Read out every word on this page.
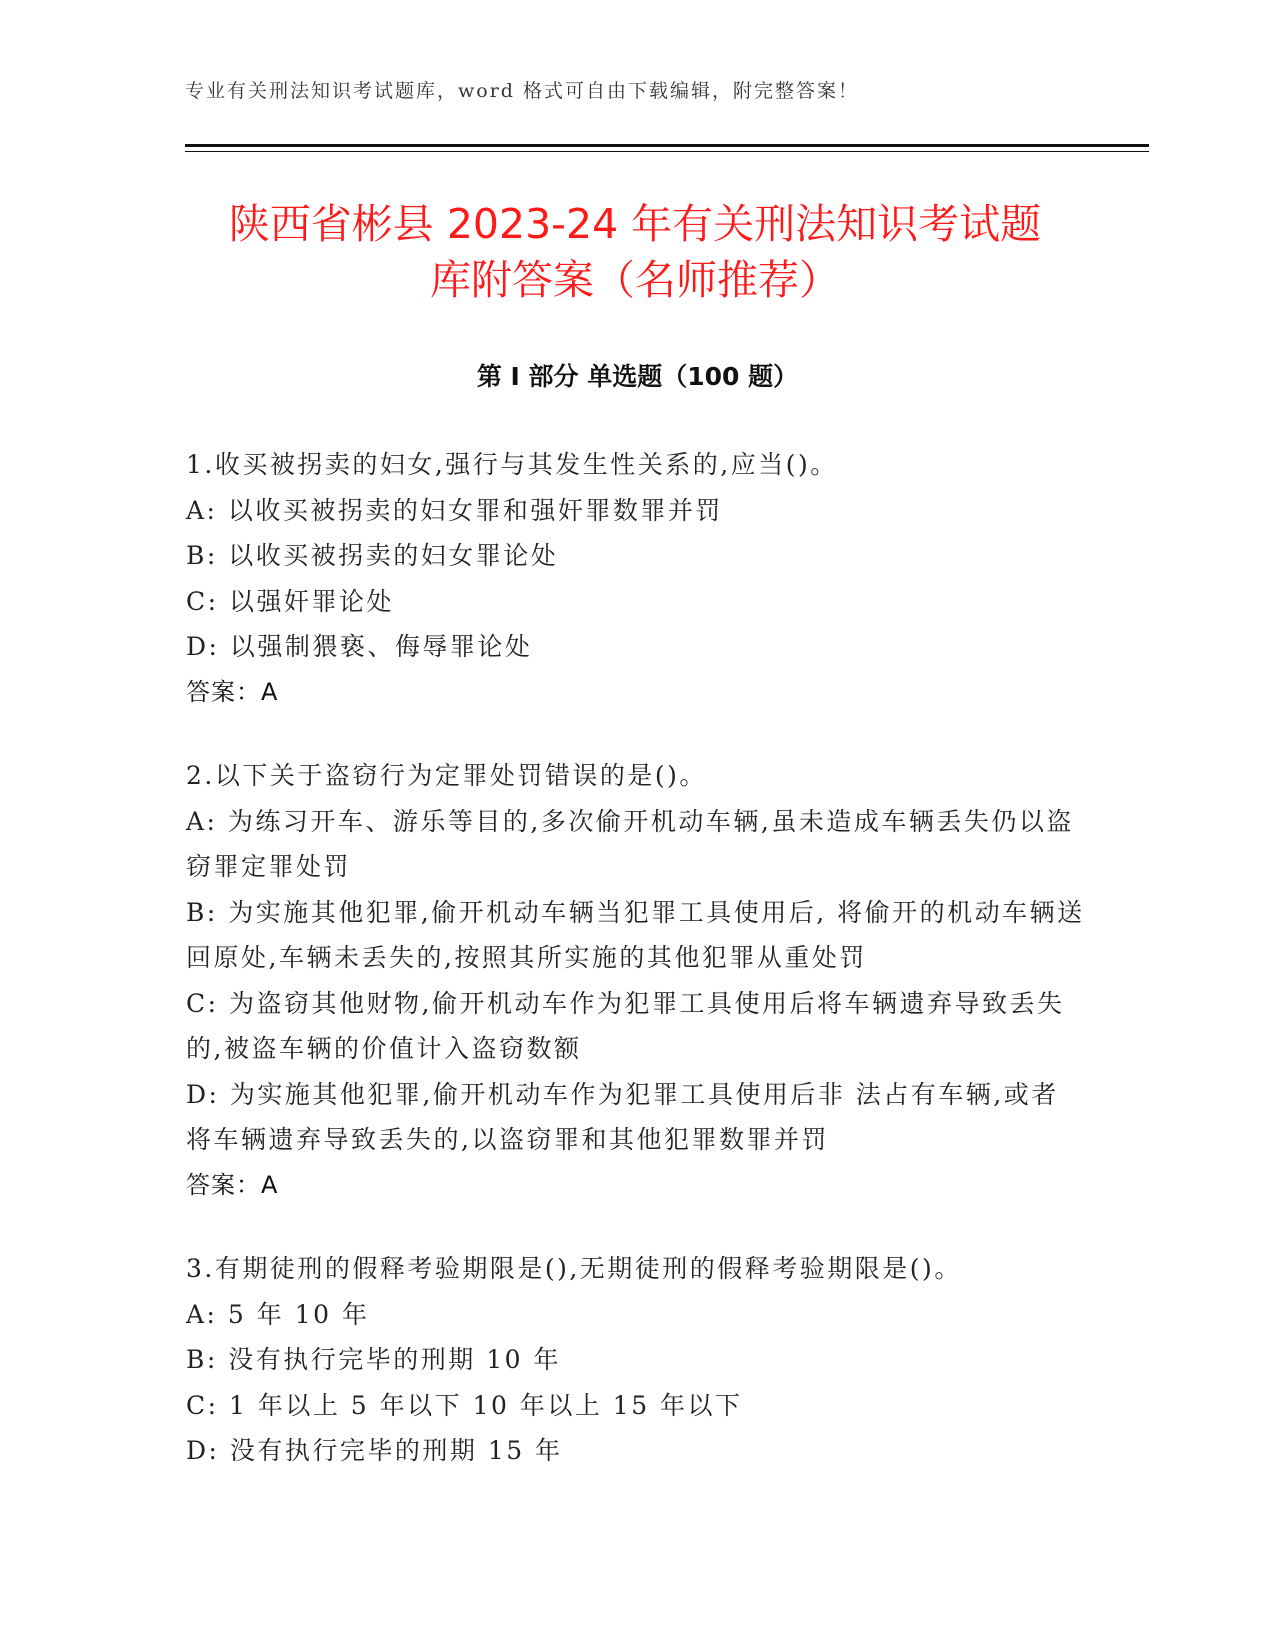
专业有关刑法知识考试题库，word 格式可自由下载编辑，附完整答案！
陕西省彬县 2023-24 年有关刑法知识考试题
库附答案（名师推荐）
第 I 部分 单选题（100 题）
1.收买被拐卖的妇女,强行与其发生性关系的,应当()。
A: 以收买被拐卖的妇女罪和强奸罪数罪并罚
B: 以收买被拐卖的妇女罪论处
C: 以强奸罪论处
D: 以强制猥亵、侮辱罪论处
答案：A
2.以下关于盗窃行为定罪处罚错误的是()。
A: 为练习开车、游乐等目的,多次偷开机动车辆,虽未造成车辆丢失仍以盗窃罪定罪处罚
B: 为实施其他犯罪,偷开机动车辆当犯罪工具使用后, 将偷开的机动车辆送回原处,车辆未丢失的,按照其所实施的其他犯罪从重处罚
C: 为盗窃其他财物,偷开机动车作为犯罪工具使用后将车辆遗弃导致丢失的,被盗车辆的价值计入盗窃数额
D: 为实施其他犯罪,偷开机动车作为犯罪工具使用后非 法占有车辆,或者将车辆遗弃导致丢失的,以盗窃罪和其他犯罪数罪并罚
答案：A
3.有期徒刑的假释考验期限是(),无期徒刑的假释考验期限是()。
A: 5 年 10 年
B: 没有执行完毕的刑期 10 年
C: 1 年以上 5 年以下 10 年以上 15 年以下
D: 没有执行完毕的刑期 15 年
